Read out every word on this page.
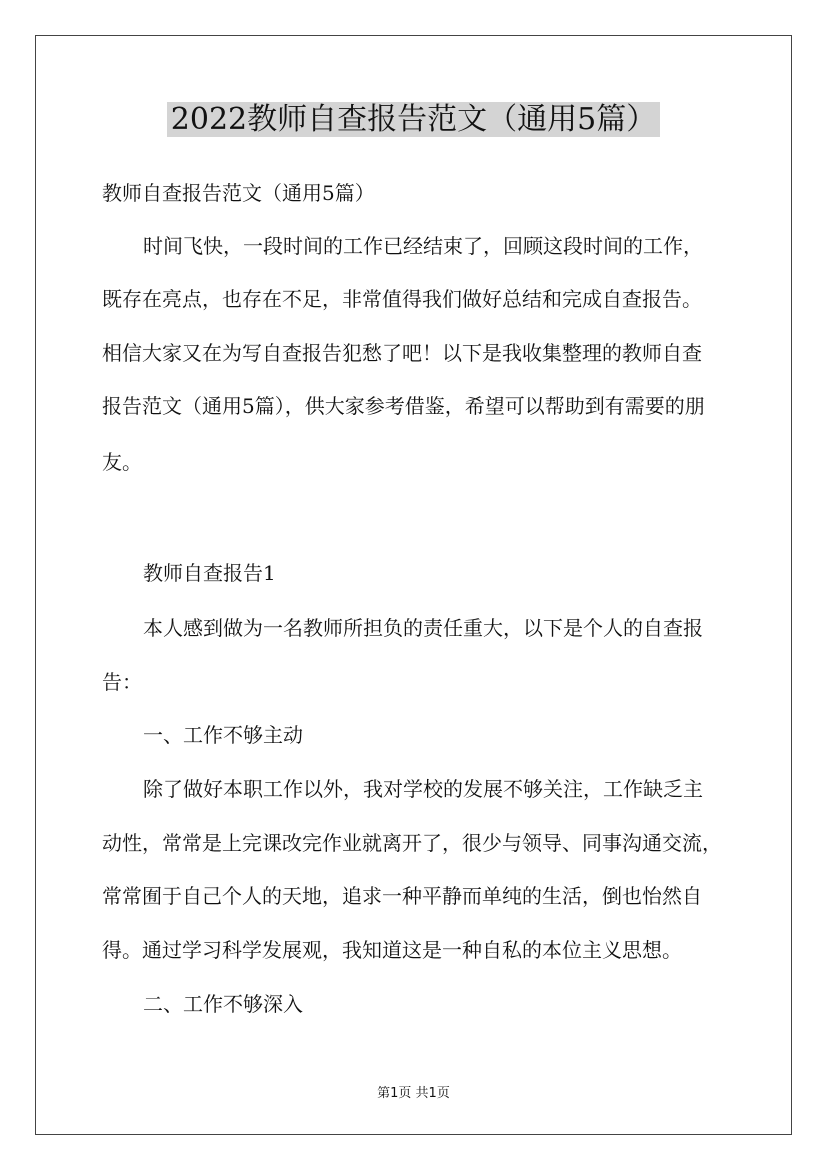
2022教师自查报告范文（通用5篇）
教师自查报告范文（通用5篇）
时间飞快，一段时间的工作已经结束了，回顾这段时间的工作，
既存在亮点，也存在不足，非常值得我们做好总结和完成自查报告。
相信大家又在为写自查报告犯愁了吧！以下是我收集整理的教师自查
报告范文（通用5篇），供大家参考借鉴，希望可以帮助到有需要的朋
友。
教师自查报告1
本人感到做为一名教师所担负的责任重大，以下是个人的自查报
告：
一、工作不够主动
除了做好本职工作以外，我对学校的发展不够关注，工作缺乏主
动性，常常是上完课改完作业就离开了，很少与领导、同事沟通交流，
常常囿于自己个人的天地，追求一种平静而单纯的生活，倒也怡然自
得。通过学习科学发展观，我知道这是一种自私的本位主义思想。
二、工作不够深入
第1页 共1页
